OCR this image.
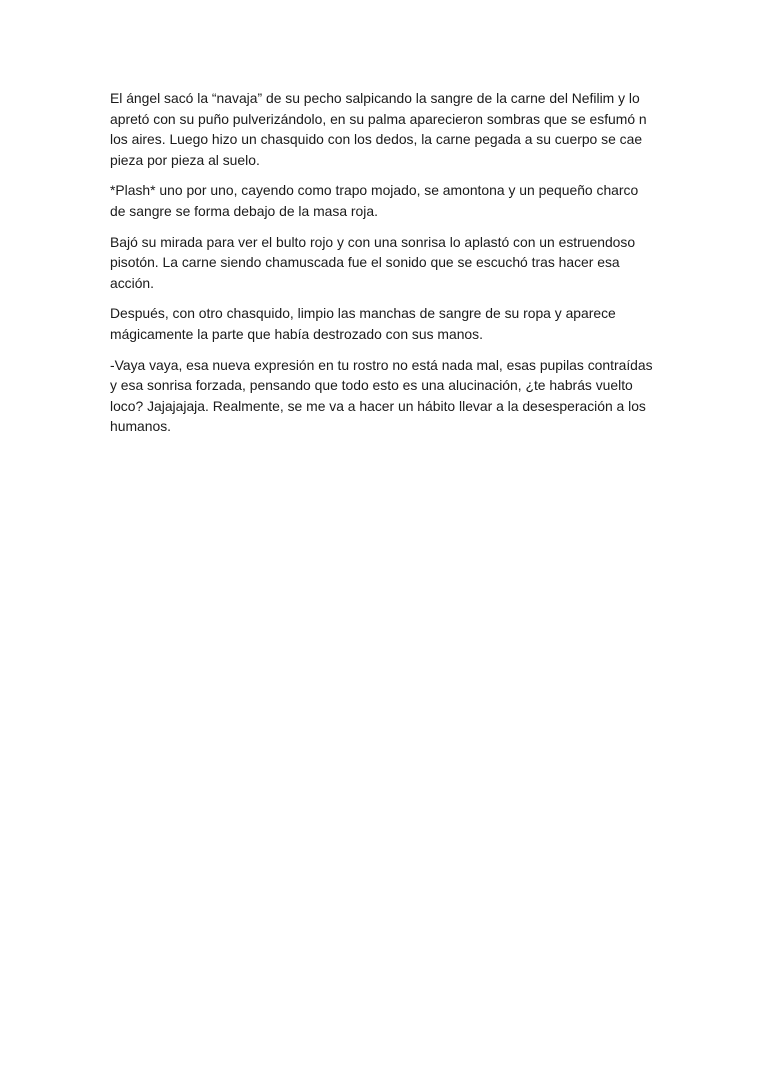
El ángel sacó la “navaja” de su pecho salpicando la sangre de la carne del Nefilim y lo
apretó con su puño pulverizándolo, en su palma aparecieron sombras que se esfumó n
los aires. Luego hizo un chasquido con los dedos, la carne pegada a su cuerpo se cae
pieza por pieza al suelo.

*Plash* uno por uno, cayendo como trapo mojado, se amontona y un pequeño charco
de sangre se forma debajo de la masa roja.

Bajó su mirada para ver el bulto rojo y con una sonrisa lo aplastó con un estruendoso
pisotón. La carne siendo chamuscada fue el sonido que se escuchó tras hacer esa
acción.

Después, con otro chasquido, limpio las manchas de sangre de su ropa y aparece
mágicamente la parte que había destrozado con sus manos.

-Vaya vaya, esa nueva expresión en tu rostro no está nada mal, esas pupilas contraídas
y esa sonrisa forzada, pensando que todo esto es una alucinación, ¿te habrás vuelto
loco? Jajajajaja. Realmente, se me va a hacer un hábito llevar a la desesperación a los
humanos.
